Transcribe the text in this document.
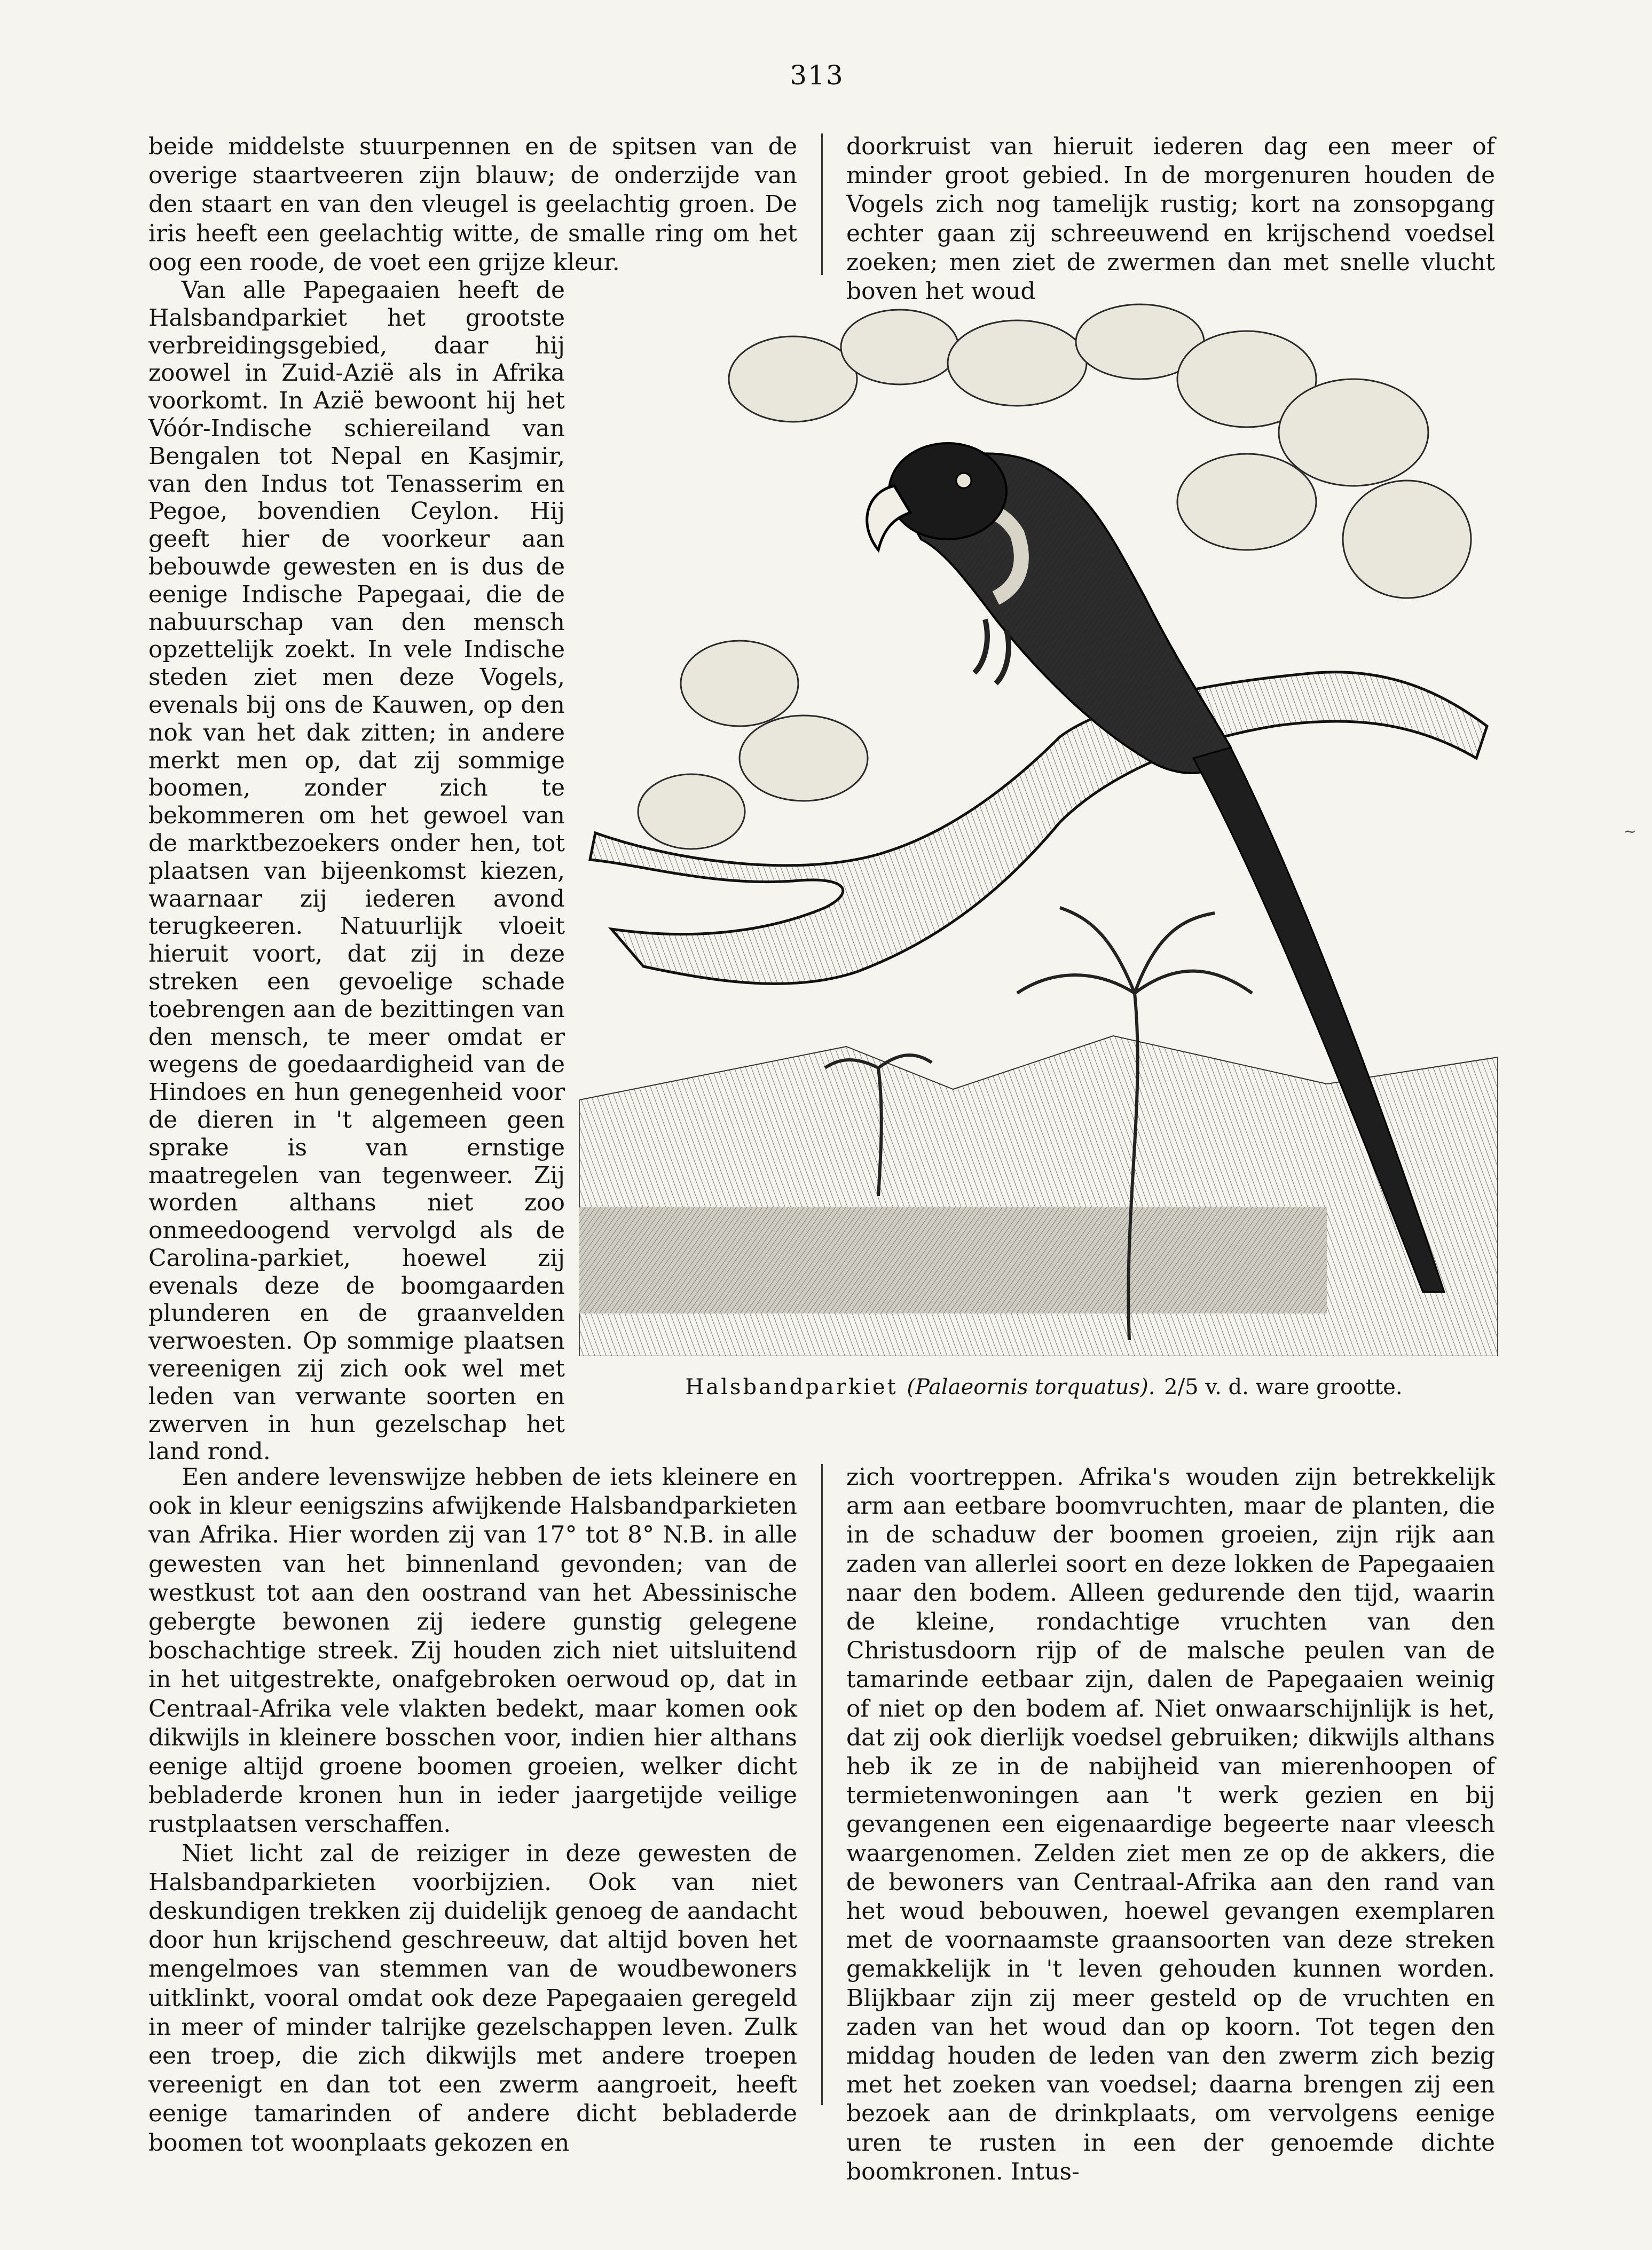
313

beide middelste stuurpennen en de spitsen van de overige staartveeren zijn blauw; de onderzijde van den staart en van den vleugel is geelachtig groen. De iris heeft een geelachtig witte, de smalle ring om het oog een roode, de voet een grijze kleur.

doorkruist van hieruit iederen dag een meer of minder groot gebied. In de morgenuren houden de Vogels zich nog tamelijk rustig; kort na zonsopgang echter gaan zij schreeuwend en krijschend voedsel zoeken; men ziet de zwermen dan met snelle vlucht boven het woud

Van alle Papegaaien heeft de Halsbandparkiet het grootste verbreidingsgebied, daar hij zoowel in Zuid-Azië als in Afrika voorkomt. In Azië bewoont hij het Vóór-Indische schiereiland van Bengalen tot Nepal en Kasjmir, van den Indus tot Tenasserim en Pegoe, bovendien Ceylon. Hij geeft hier de voorkeur aan bebouwde gewesten en is dus de eenige Indische Papegaai, die de nabuurschap van den mensch opzettelijk zoekt. In vele Indische steden ziet men deze Vogels, evenals bij ons de Kauwen, op den nok van het dak zitten; in andere merkt men op, dat zij sommige boomen, zonder zich te bekommeren om het gewoel van de marktbezoekers onder hen, tot plaatsen van bijeenkomst kiezen, waarnaar zij iederen avond terugkeeren. Natuurlijk vloeit hieruit voort, dat zij in deze streken een gevoelige schade toebrengen aan de bezittingen van den mensch, te meer omdat er wegens de goedaardigheid van de Hindoes en hun genegenheid voor de dieren in 't algemeen geen sprake is van ernstige maatregelen van tegenweer. Zij worden althans niet zoo onmeedoogend vervolgd als de Carolina-parkiet, hoewel zij evenals deze de boomgaarden plunderen en de graanvelden verwoesten. Op sommige plaatsen vereenigen zij zich ook wel met leden van verwante soorten en zwerven in hun gezelschap het land rond.

Halsbandparkiet (Palaeornis torquatus). 2/5 v. d. ware grootte.
~

Een andere levenswijze hebben de iets kleinere en ook in kleur eenigszins afwijkende Halsbandparkieten van Afrika. Hier worden zij van 17° tot 8° N.B. in alle gewesten van het binnenland gevonden; van de westkust tot aan den oostrand van het Abessinische gebergte bewonen zij iedere gunstig gelegene boschachtige streek. Zij houden zich niet uitsluitend in het uitgestrekte, onafgebroken oerwoud op, dat in Centraal-Afrika vele vlakten bedekt, maar komen ook dikwijls in kleinere bosschen voor, indien hier althans eenige altijd groene boomen groeien, welker dicht bebladerde kronen hun in ieder jaargetijde veilige rustplaatsen verschaffen.

Niet licht zal de reiziger in deze gewesten de Halsbandparkieten voorbijzien. Ook van niet deskundigen trekken zij duidelijk genoeg de aandacht door hun krijschend geschreeuw, dat altijd boven het mengelmoes van stemmen van de woudbewoners uitklinkt, vooral omdat ook deze Papegaaien geregeld in meer of minder talrijke gezelschappen leven. Zulk een troep, die zich dikwijls met andere troepen vereenigt en dan tot een zwerm aangroeit, heeft eenige tamarinden of andere dicht bebladerde boomen tot woonplaats gekozen en

zich voortreppen. Afrika's wouden zijn betrekkelijk arm aan eetbare boomvruchten, maar de planten, die in de schaduw der boomen groeien, zijn rijk aan zaden van allerlei soort en deze lokken de Papegaaien naar den bodem. Alleen gedurende den tijd, waarin de kleine, rondachtige vruchten van den Christusdoorn rijp of de malsche peulen van de tamarinde eetbaar zijn, dalen de Papegaaien weinig of niet op den bodem af. Niet onwaarschijnlijk is het, dat zij ook dierlijk voedsel gebruiken; dikwijls althans heb ik ze in de nabijheid van mierenhoopen of termietenwoningen aan 't werk gezien en bij gevangenen een eigenaardige begeerte naar vleesch waargenomen. Zelden ziet men ze op de akkers, die de bewoners van Centraal-Afrika aan den rand van het woud bebouwen, hoewel gevangen exemplaren met de voornaamste graansoorten van deze streken gemakkelijk in 't leven gehouden kunnen worden. Blijkbaar zijn zij meer gesteld op de vruchten en zaden van het woud dan op koorn. Tot tegen den middag houden de leden van den zwerm zich bezig met het zoeken van voedsel; daarna brengen zij een bezoek aan de drinkplaats, om vervolgens eenige uren te rusten in een der genoemde dichte boomkronen. Intus-
